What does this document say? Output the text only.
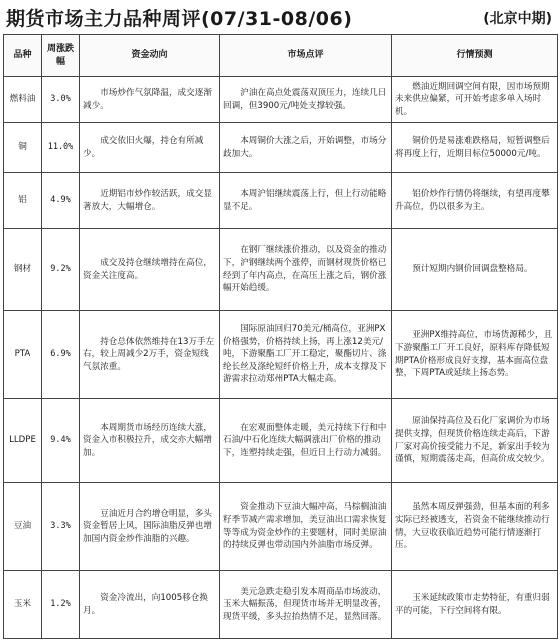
期货市场主力品种周评(07/31-08/06)	(北京中期)
品种	周涨跌幅	资金动向	市场点评	行情预测
燃料油	3.0%	市场炒作气氛降温，成交逐渐减少。	沪油在高点处震荡双顶压力，连续几日回调，但3900元/吨处支撑较强。	燃油近期回调空间有限，因市场预期未来供应偏紧，可开始考虑多单入场时机。
铜	11.0%	成交依旧火爆，持仓有所减少。	本周铜价大涨之后，开始调整，市场分歧加大。	铜价仍是易涨难跌格局，短暂调整后将再度上行，近期目标位50000元/吨。
铝	4.9%	近期铝市炒作较活跃，成交显著放大，大幅增仓。	本周沪铝继续震荡上行，但上行动能略显不足。	铝价炒作行情仍将继续，有望再度攀升高位，仍以很多为主。
钢材	9.2%	成交及持仓继续增持在高位，资金关注度高。	在钢厂继续涨价推动，以及资金的推动下，沪钢继续两个涨停，而钢材现货价格已经到了年内高点，在高压上涨之后，钢价涨幅开始趋缓。	预计短期内钢价回调盘整格局。
PTA	6.9%	持仓总体依然维持在13万手左右，较上周减少2万手，资金短线气氛浓重。	国际原油回归70美元/桶高位，亚洲PX价格强势，价格持续上扬，再上涨12美元/吨，下游聚酯工厂开工稳定，聚酯切片、涤纶长丝及涤纶短纤价格上升，成本支撑及下游需求拉动郑州PTA大幅走高。	亚洲PX维持高位，市场货源稀少，且下游聚酯工厂开工良好，原料库存降低短期PTA价格形成良好支撑，基本面高位盘整，下周PTA或延续上扬态势。
LLDPE	9.4%	本周期货市场经历连续大涨，资金入市积极拉升，成交亦大幅增加。	在宏观面整体走暖，美元持续下行和中石油/中石化连续大幅调涨出厂价格的推动下，连塑持续走强，但近日上行动力减弱。	原油保持高位及石化厂家调价为市场提供支撑，但现货价格连续走高后，下游厂家对高价接受能力不足，新家出手较为谨慎，短期震荡走高，但高价成交较少。
豆油	3.3%	豆油近月合约增仓明显，多头资金暂居上风，国际油脂反弹也增加国内资金炒作油脂的兴趣。	资金推动下豆油大幅冲高，马棕榈油油籽季节减产需求增加，美豆油出口需求恢复等等成为资金炒作的主要题材，同时美原油的持续反弹也带动国内外油脂市场反弹。	虽然本周反弹强劲，但基本面的利多实际已经被透支，若资金不能继续推动行情，大豆收获临近趋势可能行情逐渐打压。
玉米	1.2%	资金冷流出，向1005移仓换月。	美元急跌走稳引发本周商品市场波动，玉米大幅振荡，但现货市场并无明显改善，现货平缓，多头拉抬热情不足，显然回落。	玉米延续政策市走势特征，有重归弱平的可能，下行空间将有限。
